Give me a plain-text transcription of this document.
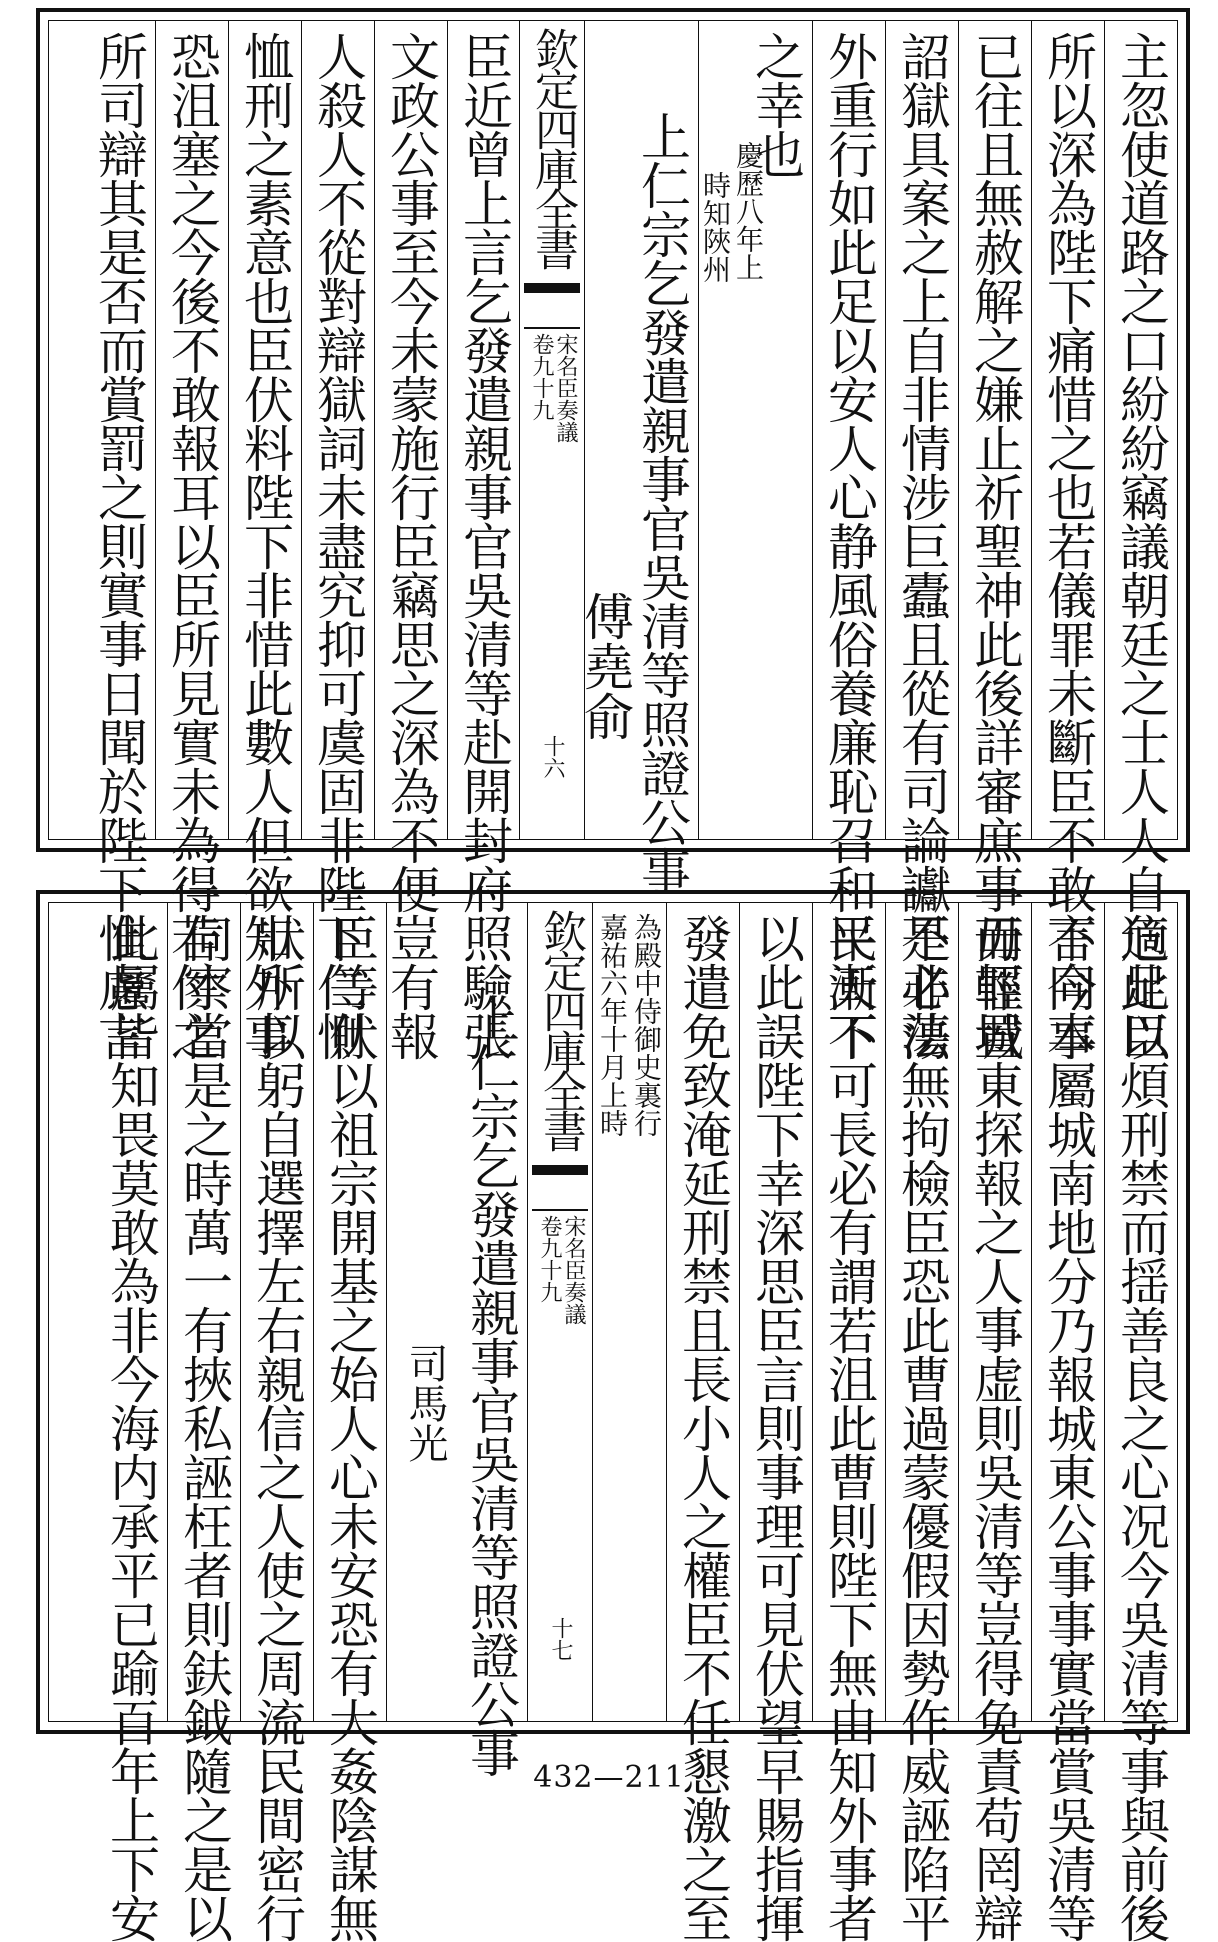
主忽使道路之口紛紛竊議朝廷之士人人自危此臣
所以深為陛下痛惜之也若儀罪未斷臣不敢言今事
已往且無赦解之嫌止祈聖神此後詳審庶事毋輕置
詔獄具案之上自非情涉巨蠹且從有司論讞不必法
外重行如此足以安人心静風俗養廉恥召和平天下
之幸也
慶歷八年上
時知陜州
上仁宗乞發遣親事官吳清等照證公事
傅堯俞
欽定四庫全書
宋名臣奏議
卷九十九
十六
臣近曾上言乞發遣親事官吳清等赴開封府照驗張
文政公事至今未蒙施行臣竊思之深為不便豈有報
人殺人不從對辯獄詞未盡究抑可虞固非陛下仁惻
恤刑之素意也臣伏料陛下非惜此數人但欲知外事
恐沮塞之今後不敢報耳以臣所見實未為得若付之
所司辯其是否而賞罰之則實事日聞於陛下惟慮言
適足以煩刑禁而揺善良之心况今吳清等事與前後
不同本屬城南地分乃報城東公事事實當賞吳清等
而罪城東探報之人事虚則吳清等豈得免責苟罔辯
是非蕩無拘檢臣恐此曹過蒙優假因勢作威誣陷平
民漸不可長必有謂若沮此曹則陛下無由知外事者
以此誤陛下幸深思臣言則事理可見伏望早賜指揮
發遣免致淹延刑禁且長小人之權臣不任懇激之至
嘉祐六年十月上時 為殿中侍御史裏行
欽定四庫全書
宋名臣奏議
卷九十九
十七
上仁宗乞發遣親事官吳清等照證公事
司馬光
臣等伏以祖宗開基之始人心未安恐有大姦陰謀無
狀所以躬自選擇左右親信之人使之周流民間密行
伺察當是之時萬一有挾私誣枉者則鈇鉞隨之是以
此屬皆知畏莫敢為非今海内承平已踰百年上下安	432—211
